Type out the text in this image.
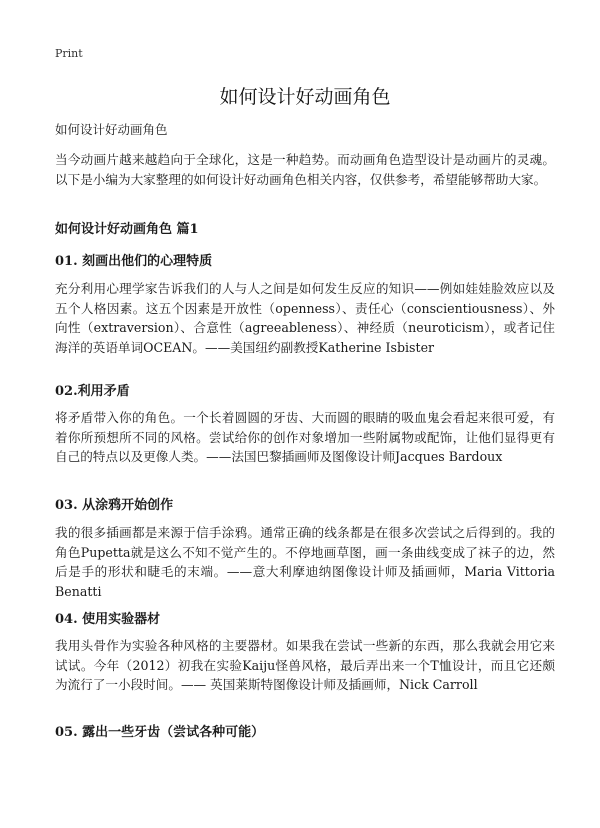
Print
如何设计好动画角色
如何设计好动画角色

当今动画片越来越趋向于全球化，这是一种趋势。而动画角色造型设计是动画片的灵魂。以下是小编为大家整理的如何设计好动画角色相关内容，仅供参考，希望能够帮助大家。

如何设计好动画角色 篇1
01. 刻画出他们的心理特质

充分利用心理学家告诉我们的人与人之间是如何发生反应的知识——例如娃娃脸效应以及五个人格因素。这五个因素是开放性（openness）、责任心（conscientiousness）、外向性（extraversion）、合意性（agreeableness）、神经质（neuroticism），或者记住海洋的英语单词OCEAN。——美国纽约副教授Katherine Isbister

02.利用矛盾

将矛盾带入你的角色。一个长着圆圆的牙齿、大而圆的眼睛的吸血鬼会看起来很可爱，有着你所预想所不同的风格。尝试给你的创作对象增加一些附属物或配饰，让他们显得更有自己的特点以及更像人类。——法国巴黎插画师及图像设计师Jacques Bardoux

03. 从涂鸦开始创作

我的很多插画都是来源于信手涂鸦。通常正确的线条都是在很多次尝试之后得到的。我的角色Pupetta就是这么不知不觉产生的。不停地画草图，画一条曲线变成了袜子的边，然后是手的形状和睫毛的末端。——意大利摩迪纳图像设计师及插画师，Maria Vittoria Benatti

04. 使用实验器材

我用头骨作为实验各种风格的主要器材。如果我在尝试一些新的东西，那么我就会用它来试试。今年（2012）初我在实验Kaiju怪兽风格，最后弄出来一个T恤设计，而且它还颇为流行了一小段时间。—— 英国莱斯特图像设计师及插画师，Nick Carroll

05. 露出一些牙齿（尝试各种可能）
